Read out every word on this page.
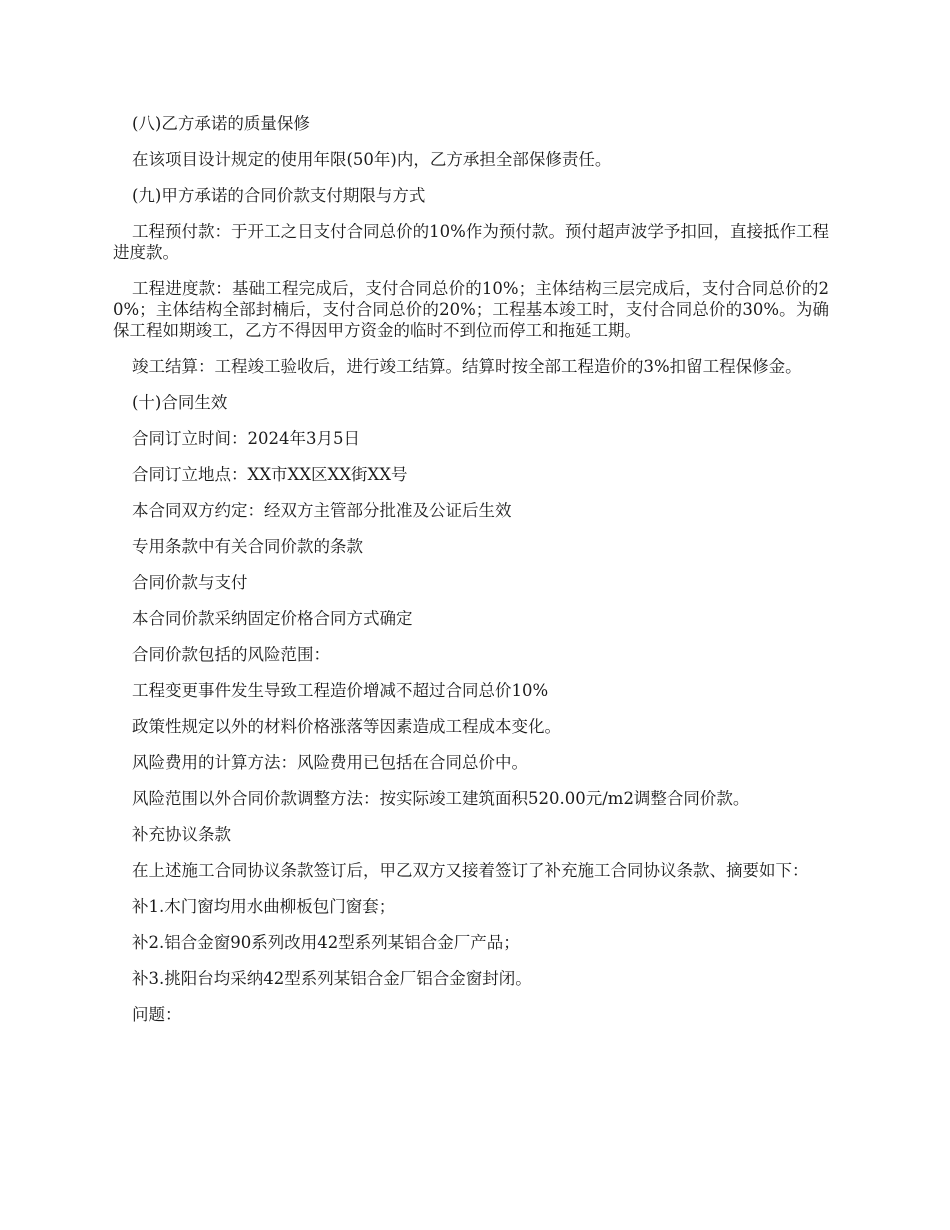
(八)乙方承诺的质量保修

在该项目设计规定的使用年限(50年)内，乙方承担全部保修责任。

(九)甲方承诺的合同价款支付期限与方式

工程预付款：于开工之日支付合同总价的10%作为预付款。预付超声波学予扣回，直接抵作工程进度款。

工程进度款：基础工程完成后，支付合同总价的10%；主体结构三层完成后，支付合同总价的20%；主体结构全部封楠后，支付合同总价的20%；工程基本竣工时，支付合同总价的30%。为确保工程如期竣工，乙方不得因甲方资金的临时不到位而停工和拖延工期。

竣工结算：工程竣工验收后，进行竣工结算。结算时按全部工程造价的3%扣留工程保修金。

(十)合同生效

合同订立时间：2024年3月5日

合同订立地点：XX市XX区XX街XX号

本合同双方约定：经双方主管部分批准及公证后生效

专用条款中有关合同价款的条款

合同价款与支付

本合同价款采纳固定价格合同方式确定

合同价款包括的风险范围：

工程变更事件发生导致工程造价增减不超过合同总价10%

政策性规定以外的材料价格涨落等因素造成工程成本变化。

风险费用的计算方法：风险费用已包括在合同总价中。

风险范围以外合同价款调整方法：按实际竣工建筑面积520.00元/m2调整合同价款。

补充协议条款

在上述施工合同协议条款签订后，甲乙双方又接着签订了补充施工合同协议条款、摘要如下：

补1.木门窗均用水曲柳板包门窗套；

补2.铝合金窗90系列改用42型系列某铝合金厂产品；

补3.挑阳台均采纳42型系列某铝合金厂铝合金窗封闭。

问题：
